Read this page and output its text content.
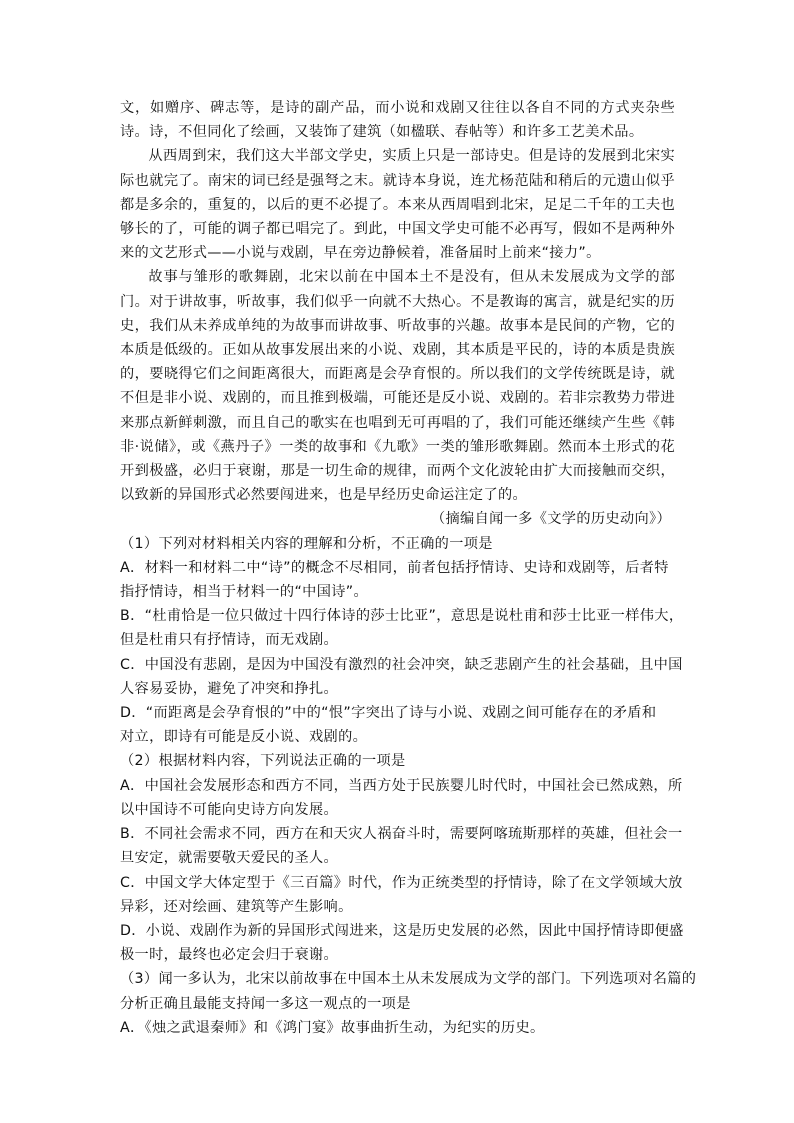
文，如赠序、碑志等，是诗的副产品，而小说和戏剧又往往以各自不同的方式夹杂些诗。诗，不但同化了绘画，又装饰了建筑（如楹联、春帖等）和许多工艺美术品。

从西周到宋，我们这大半部文学史，实质上只是一部诗史。但是诗的发展到北宋实际也就完了。南宋的词已经是强弩之末。就诗本身说，连尤杨范陆和稍后的元遗山似乎都是多余的，重复的，以后的更不必提了。本来从西周唱到北宋，足足二千年的工夫也够长的了，可能的调子都已唱完了。到此，中国文学史可能不必再写，假如不是两种外来的文艺形式——小说与戏剧，早在旁边静候着，准备届时上前来“接力”。

故事与雏形的歌舞剧，北宋以前在中国本土不是没有，但从未发展成为文学的部门。对于讲故事，听故事，我们似乎一向就不大热心。不是教诲的寓言，就是纪实的历史，我们从未养成单纯的为故事而讲故事、听故事的兴趣。故事本是民间的产物，它的本质是低级的。正如从故事发展出来的小说、戏剧，其本质是平民的，诗的本质是贵族的，要晓得它们之间距离很大，而距离是会孕育恨的。所以我们的文学传统既是诗，就不但是非小说、戏剧的，而且推到极端，可能还是反小说、戏剧的。若非宗教势力带进来那点新鲜刺激，而且自己的歌实在也唱到无可再唱的了，我们可能还继续产生些《韩非·说储》，或《燕丹子》一类的故事和《九歌》一类的雏形歌舞剧。然而本土形式的花开到极盛，必归于衰谢，那是一切生命的规律，而两个文化波轮由扩大而接触而交织，以致新的异国形式必然要闯进来，也是早经历史命运注定了的。

（摘编自闻一多《文学的历史动向》）

（1）下列对材料相关内容的理解和分析，不正确的一项是

A．材料一和材料二中“诗”的概念不尽相同，前者包括抒情诗、史诗和戏剧等，后者特

指抒情诗，相当于材料一的“中国诗”。

B．“杜甫恰是一位只做过十四行体诗的莎士比亚”，意思是说杜甫和莎士比亚一样伟大，

但是杜甫只有抒情诗，而无戏剧。

C．中国没有悲剧，是因为中国没有激烈的社会冲突，缺乏悲剧产生的社会基础，且中国

人容易妥协，避免了冲突和挣扎。

D．“而距离是会孕育恨的”中的“恨”字突出了诗与小说、戏剧之间可能存在的矛盾和

对立，即诗有可能是反小说、戏剧的。

（2）根据材料内容，下列说法正确的一项是

A．中国社会发展形态和西方不同，当西方处于民族婴儿时代时，中国社会已然成熟，所

以中国诗不可能向史诗方向发展。

B．不同社会需求不同，西方在和天灾人祸奋斗时，需要阿喀琉斯那样的英雄，但社会一

旦安定，就需要敬天爱民的圣人。

C．中国文学大体定型于《三百篇》时代，作为正统类型的抒情诗，除了在文学领域大放

异彩，还对绘画、建筑等产生影响。

D．小说、戏剧作为新的异国形式闯进来，这是历史发展的必然，因此中国抒情诗即便盛

极一时，最终也必定会归于衰谢。

（3）闻一多认为，北宋以前故事在中国本土从未发展成为文学的部门。下列选项对名篇的

分析正确且最能支持闻一多这一观点的一项是

A．《烛之武退秦师》和《鸿门宴》故事曲折生动，为纪实的历史。
